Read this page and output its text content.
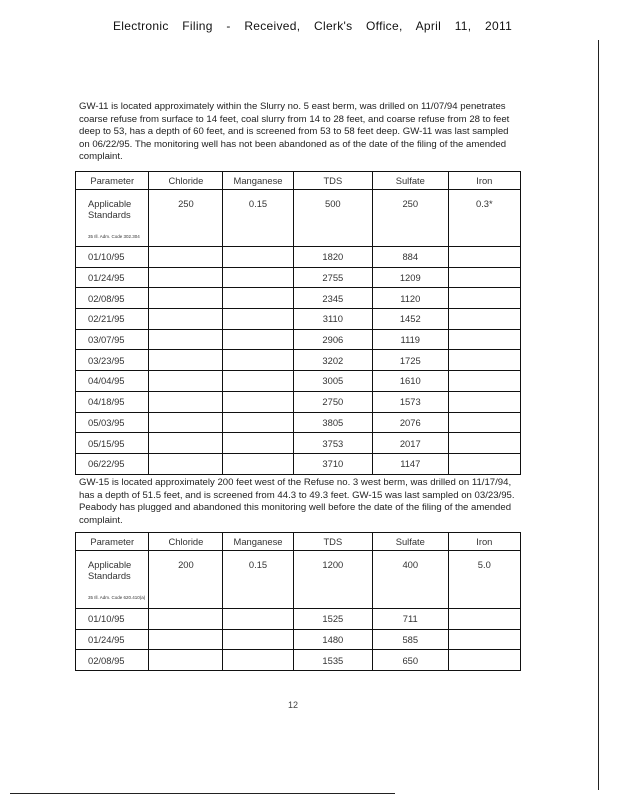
Electronic Filing - Received, Clerk's Office, April 11, 2011
GW-11 is located approximately within the Slurry no. 5 east berm, was drilled on 11/07/94 penetrates coarse refuse from surface to 14 feet, coal slurry from 14 to 28 feet, and coarse refuse from 28 to feet deep to 53, has a depth of 60 feet, and is screened from 53 to 58 feet deep. GW-11 was last sampled on 06/22/95. The monitoring well has not been abandoned as of the date of the filing of the amended complaint.
Parameter	Chloride	Manganese	TDS	Sulfate	Iron
Applicable Standards
35 Ill. Adm. Code 302.304	250	0.15	500	250	0.3*
01/10/95			1820	884	
01/24/95			2755	1209	
02/08/95			2345	1120	
02/21/95			3110	1452	
03/07/95			2906	1119	
03/23/95			3202	1725	
04/04/95			3005	1610	
04/18/95			2750	1573	
05/03/95			3805	2076	
05/15/95			3753	2017	
06/22/95			3710	1147	
GW-15 is located approximately 200 feet west of the Refuse no. 3 west berm, was drilled on 11/17/94, has a depth of 51.5 feet, and is screened from 44.3 to 49.3 feet. GW-15 was last sampled on 03/23/95. Peabody has plugged and abandoned this monitoring well before the date of the filing of the amended complaint.
Parameter	Chloride	Manganese	TDS	Sulfate	Iron
Applicable Standards
35 Ill. Adm. Code 620.410(a)	200	0.15	1200	400	5.0
01/10/95			1525	711	
01/24/95			1480	585	
02/08/95			1535	650	
12
